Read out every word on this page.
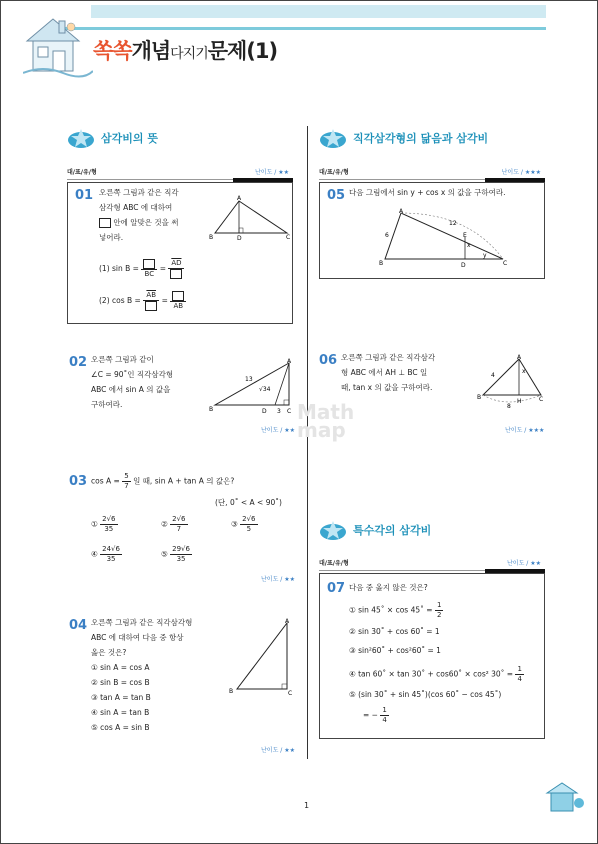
쏙쏙개념다지기문제(1)
삼각비의 뜻
대/표/유/형	난이도 / ★★
01 오른쪽 그림과 같은 직각
삼각형 ABC 에 대하여
안에 알맞은 것을 써
넣어라.
(1) sin B =
$\overline{BC}$
=
$\overline{AD}$
(2) cos B =
$\overline{AB}$
=
$\overline{AB}$
A
B	C
D
02 오른쪽 그림과 같이
∠C = 90˚인 직각삼각형
ABC 에서 sin A 의 값을
구하여라.
A
B	C
D
13
√34
3
난이도 / ★★
03 $\cos A = \frac{5}{7}$ 일 때, sin A + tan A 의 값은?
(단, 0˚ < A < 90˚)
① $\frac{2√6}{35}$	② $\frac{2√6}{7}$	③ $\frac{2√6}{5}$
④ $\frac{24√6}{35}$	⑤ $\frac{29√6}{35}$
난이도 / ★★
04 오른쪽 그림과 같은 직각삼각형
ABC 에 대하여 다음 중 항상
옳은 것은?
① sin A = cos A
② sin B = cos B
③ tan A = tan B
④ sin A = tan B
⑤ cos A = sin B
A
B	C
난이도 / ★★
직각삼각형의 닮음과 삼각비
대/표/유/형	난이도 / ★★★
05 다음 그림에서 sin y + cos x 의 값을 구하여라.
A
B	C
D
E
6
12
x
y
06 오른쪽 그림과 같은 직각삼각
형 ABC 에서 AH ⊥ BC 일
때, tan x 의 값을 구하여라.
A
B	C
H
4
x
8
난이도 / ★★★
Math
map
특수각의 삼각비
대/표/유/형	난이도 / ★★
07 다음 중 옳지 않은 것은?
① sin 45˚ × cos 45˚ = $\frac{1}{2}$
② sin 30˚ + cos 60˚ = 1
③ sin²60˚ + cos²60˚ = 1
④ tan 60˚ × tan 30˚ + cos60˚ × cos² 30˚ = $\frac{1}{4}$
⑤ (sin 30˚ + sin 45˚)(cos 60˚ − cos 45˚)
= − $\frac{1}{4}$
1
